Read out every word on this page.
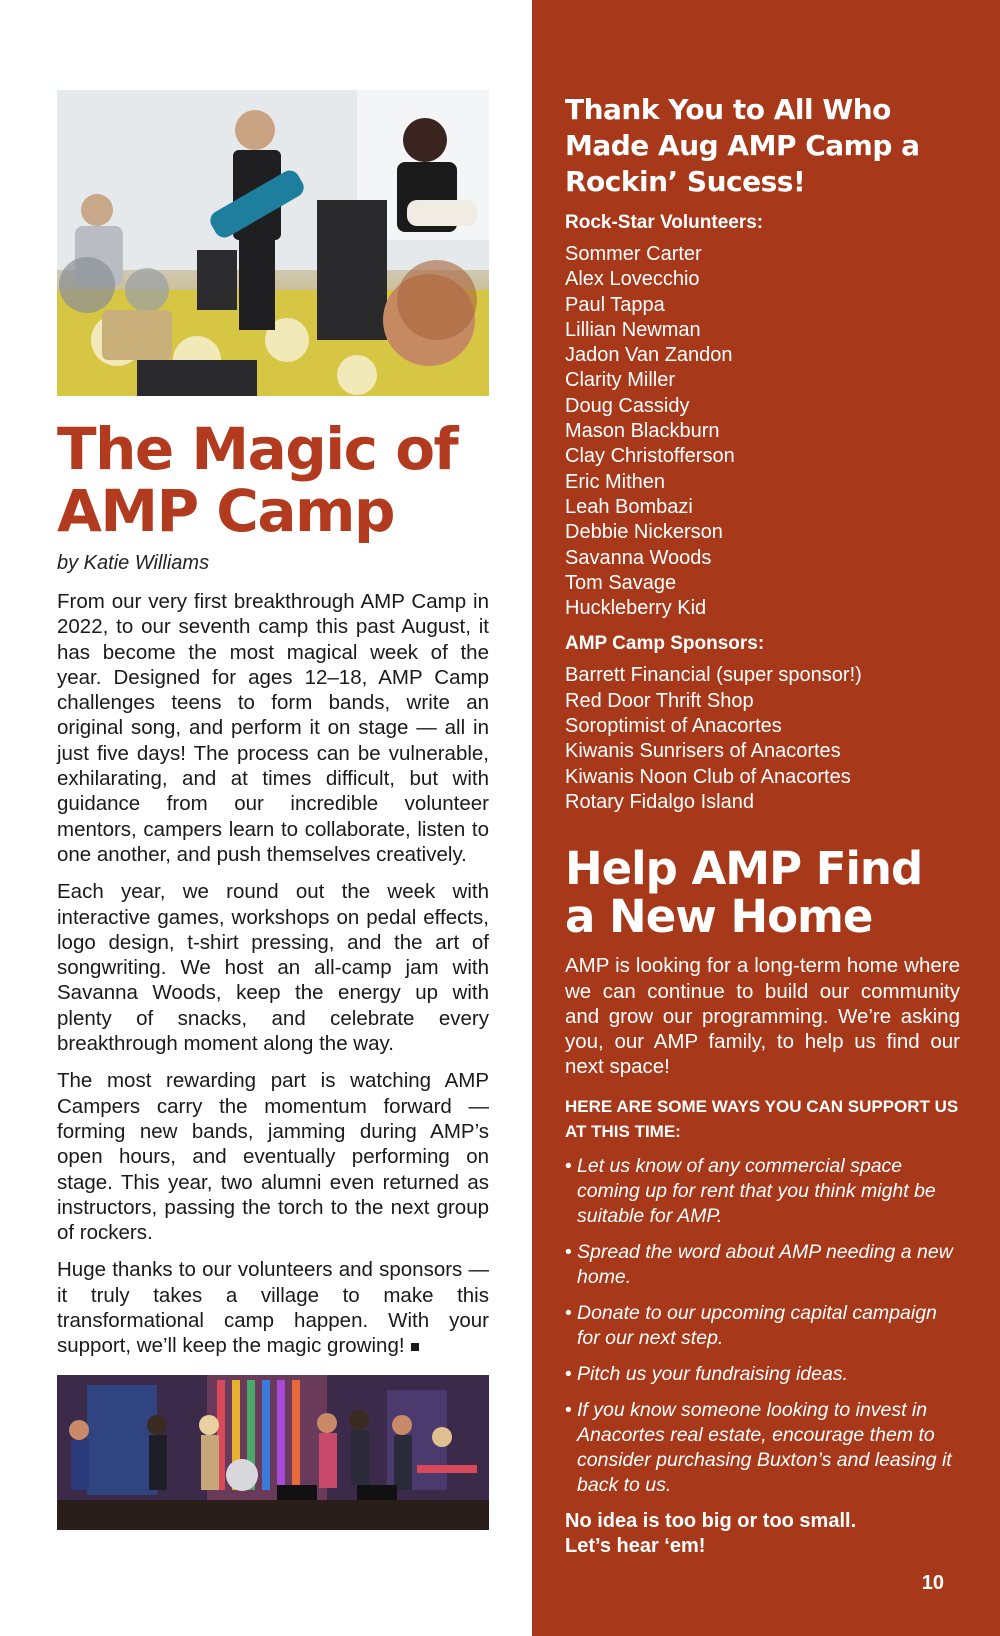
The Magic of
AMP Camp

by Katie Williams

From our very first breakthrough AMP Camp in 2022, to our seventh camp this past August, it has become the most magical week of the year. Designed for ages 12–18, AMP Camp challenges teens to form bands, write an original song, and perform it on stage — all in just five days! The process can be vulnerable, exhilarating, and at times difficult, but with guidance from our incredible volunteer mentors, campers learn to collaborate, listen to one another, and push themselves creatively.

Each year, we round out the week with interactive games, workshops on pedal effects, logo design, t-shirt pressing, and the art of songwriting. We host an all-camp jam with Savanna Woods, keep the energy up with plenty of snacks, and celebrate every breakthrough moment along the way.

The most rewarding part is watching AMP Campers carry the momentum forward — forming new bands, jamming during AMP’s open hours, and eventually performing on stage. This year, two alumni even returned as instructors, passing the torch to the next group of rockers.

Huge thanks to our volunteers and sponsors — it truly takes a village to make this transformational camp happen. With your support, we’ll keep the magic growing!

Thank You to All Who Made Aug AMP Camp a Rockin’ Sucess!

Rock-Star Volunteers:

Sommer Carter
Alex Lovecchio
Paul Tappa
Lillian Newman
Jadon Van Zandon
Clarity Miller
Doug Cassidy
Mason Blackburn
Clay Christofferson
Eric Mithen
Leah Bombazi
Debbie Nickerson
Savanna Woods
Tom Savage
Huckleberry Kid

AMP Camp Sponsors:

Barrett Financial (super sponsor!)
Red Door Thrift Shop
Soroptimist of Anacortes
Kiwanis Sunrisers of Anacortes
Kiwanis Noon Club of Anacortes
Rotary Fidalgo Island
Help AMP Find a New Home

AMP is looking for a long-term home where we can continue to build our community and grow our programming. We’re asking you, our AMP family, to help us find our next space!

HERE ARE SOME WAYS YOU CAN SUPPORT US AT THIS TIME:

• Let us know of any commercial space coming up for rent that you think might be suitable for AMP.
• Spread the word about AMP needing a new home.
• Donate to our upcoming capital campaign for our next step.
• Pitch us your fundraising ideas.
• If you know someone looking to invest in Anacortes real estate, encourage them to consider purchasing Buxton’s and leasing it back to us.

No idea is too big or too small.
Let’s hear ‘em!

10
